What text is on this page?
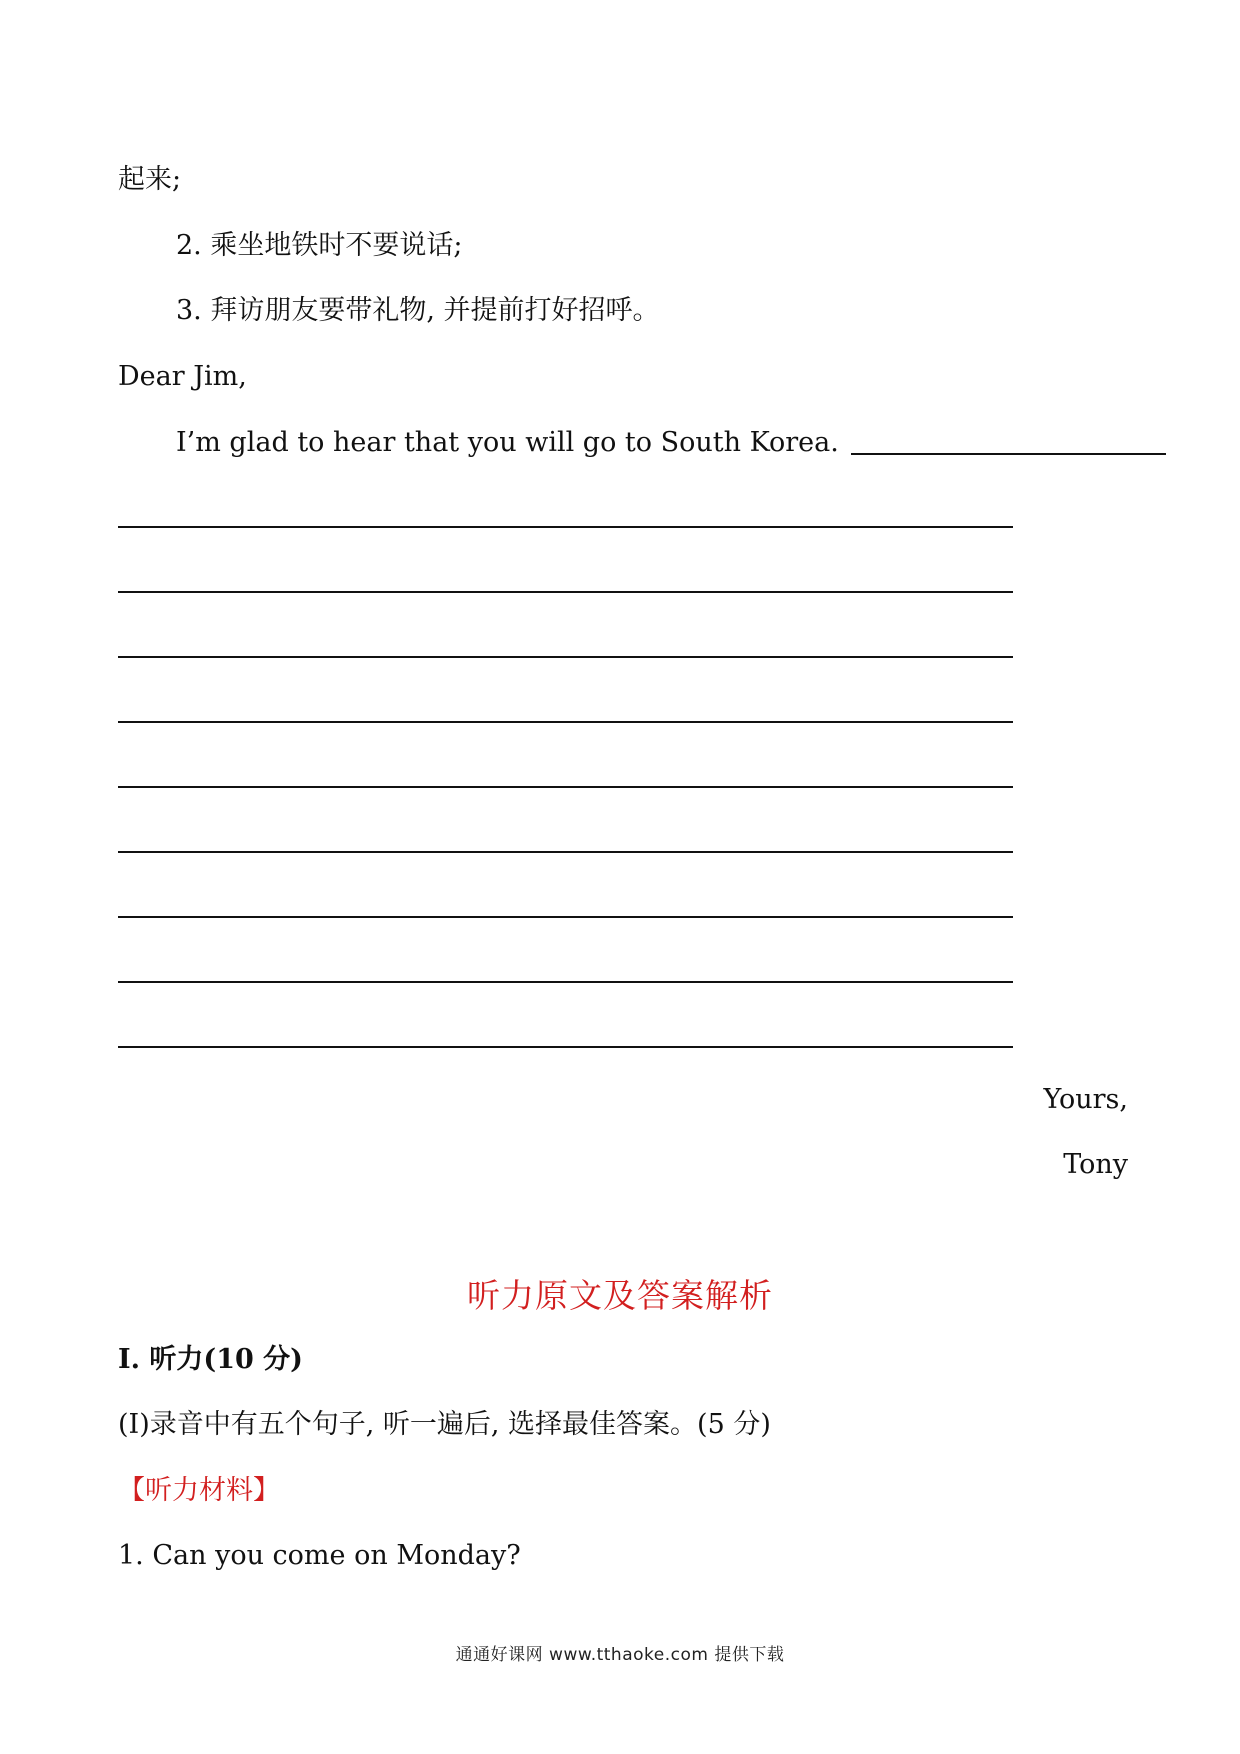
起来;
2. 乘坐地铁时不要说话;
3. 拜访朋友要带礼物, 并提前打好招呼。
Dear Jim,
I’m glad to hear that you will go to South Korea.
Yours,
Tony
听力原文及答案解析
Ⅰ. 听力(10 分)
(I)录音中有五个句子, 听一遍后, 选择最佳答案。(5 分)
【听力材料】
1. Can you come on Monday?
通通好课网 www.tthaoke.com 提供下载
